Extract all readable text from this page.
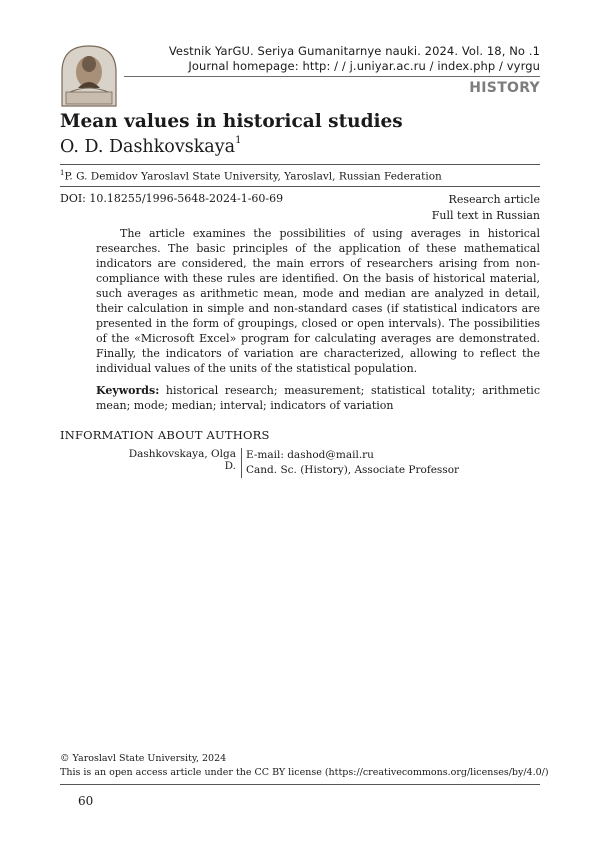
Vestnik YarGU. Seriya Gumanitarnye nauki. 2024. Vol. 18, No .1
Journal homepage: http: / / j.uniyar.ac.ru / index.php / vyrgu
HISTORY
Mean values in historical studies
O. D. Dashkovskaya$^1$
$^1$P. G. Demidov Yaroslavl State University, Yaroslavl, Russian Federation
DOI: 10.18255/1996-5648-2024-1-60-69	Research article
Full text in Russian

The article examines the possibilities of using averages in historical researches. The basic principles of the application of these mathematical indicators are considered, the main errors of researchers arising from non-compliance with these rules are identified. On the basis of historical material, such averages as arithmetic mean, mode and median are analyzed in detail, their calculation in simple and non-standard cases (if statistical indicators are presented in the form of groupings, closed or open intervals). The possibilities of the «Microsoft Excel» program for calculating averages are demonstrated. Finally, the indicators of variation are characterized, allowing to reflect the individual values of the units of the statistical population.

Keywords: historical research; measurement; statistical totality; arithmetic mean; mode; median; interval; indicators of variation

INFORMATION ABOUT AUTHORS
Dashkovskaya, Olga D.
E-mail: dashod@mail.ru
Cand. Sc. (History), Associate Professor
© Yaroslavl State University, 2024
This is an open access article under the CC BY license (https://creativecommons.org/licenses/by/4.0/)
60
